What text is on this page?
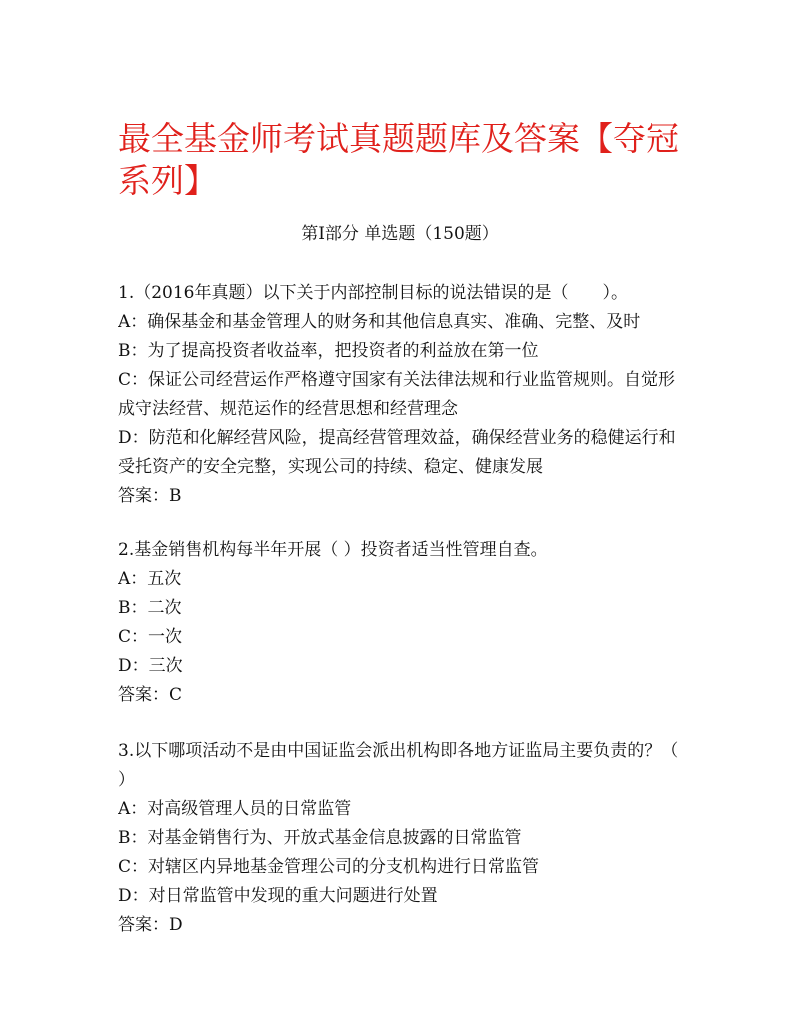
最全基金师考试真题题库及答案【夺冠系列】
第Ⅰ部分 单选题（150题）
1.（2016年真题）以下关于内部控制目标的说法错误的是（　　）。
A：确保基金和基金管理人的财务和其他信息真实、准确、完整、及时
B：为了提高投资者收益率，把投资者的利益放在第一位
C：保证公司经营运作严格遵守国家有关法律法规和行业监管规则。自觉形成守法经营、规范运作的经营思想和经营理念
D：防范和化解经营风险，提高经营管理效益，确保经营业务的稳健运行和受托资产的安全完整，实现公司的持续、稳定、健康发展
答案：B
2.基金销售机构每半年开展（ ）投资者适当性管理自查。
A：五次
B：二次
C：一次
D：三次
答案：C
3.以下哪项活动不是由中国证监会派出机构即各地方证监局主要负责的？（ ）
A：对高级管理人员的日常监管
B：对基金销售行为、开放式基金信息披露的日常监管
C：对辖区内异地基金管理公司的分支机构进行日常监管
D：对日常监管中发现的重大问题进行处置
答案：D
